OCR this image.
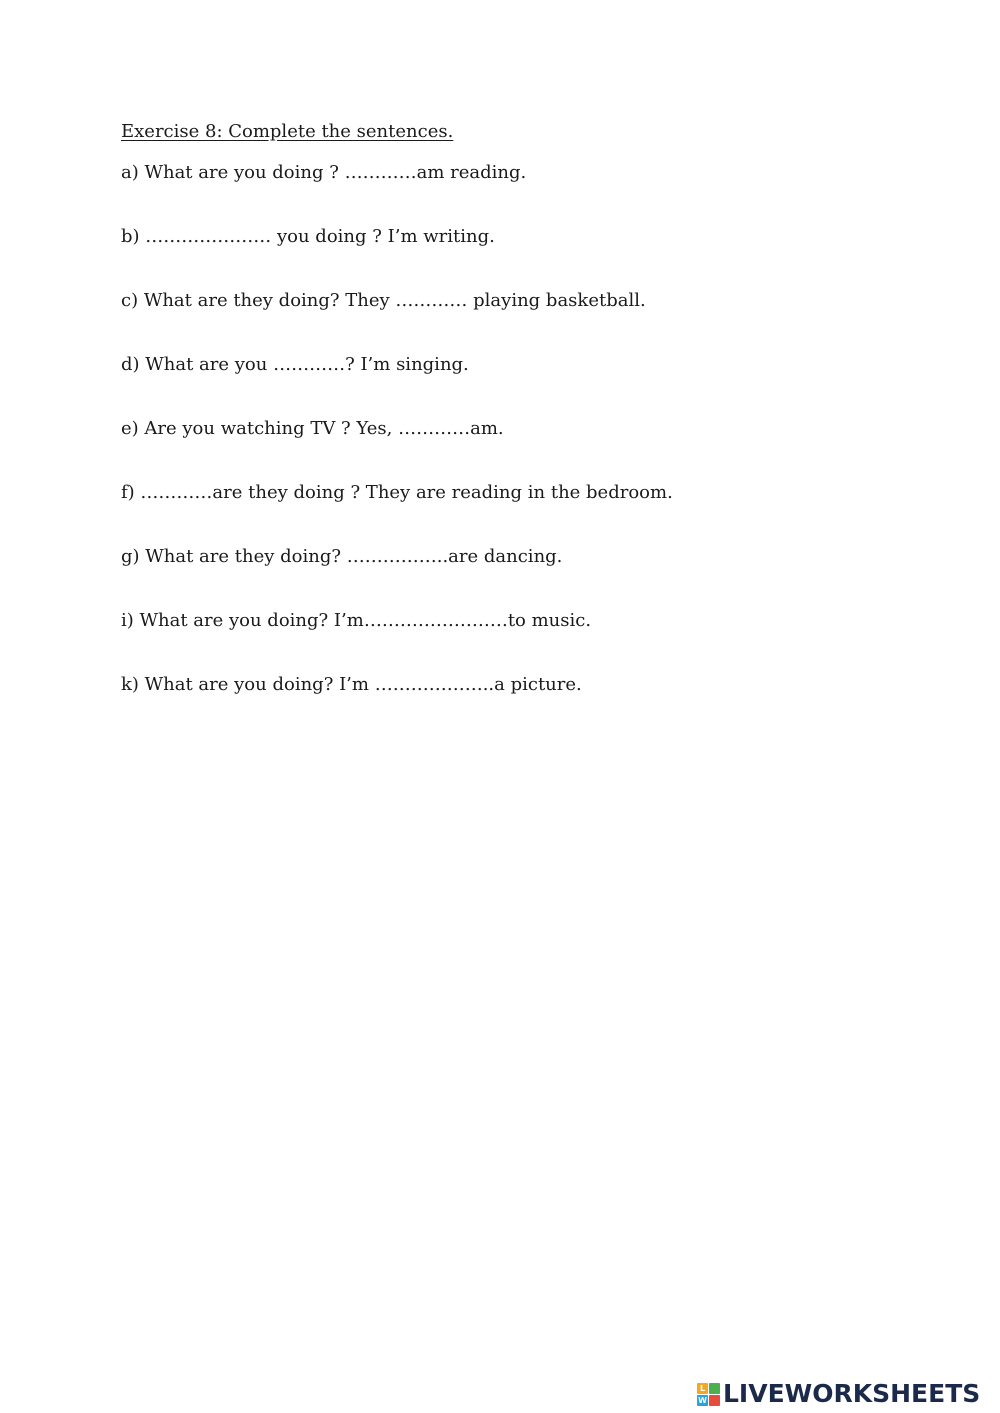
Exercise 8: Complete the sentences.
a) What are you doing ? …………am reading.
b) ………………… you doing ? I’m writing.
c) What are they doing? They ………… playing basketball.
d) What are you …………? I’m singing.
e) Are you watching TV ? Yes, …………am.
f) …………are they doing ? They are reading in the bedroom.
g) What are they doing? ……………..are dancing.
i) What are you doing? I’m……………………to music.
k) What are you doing? I’m ………………..a picture.
L
W LIVEWORKSHEETS
